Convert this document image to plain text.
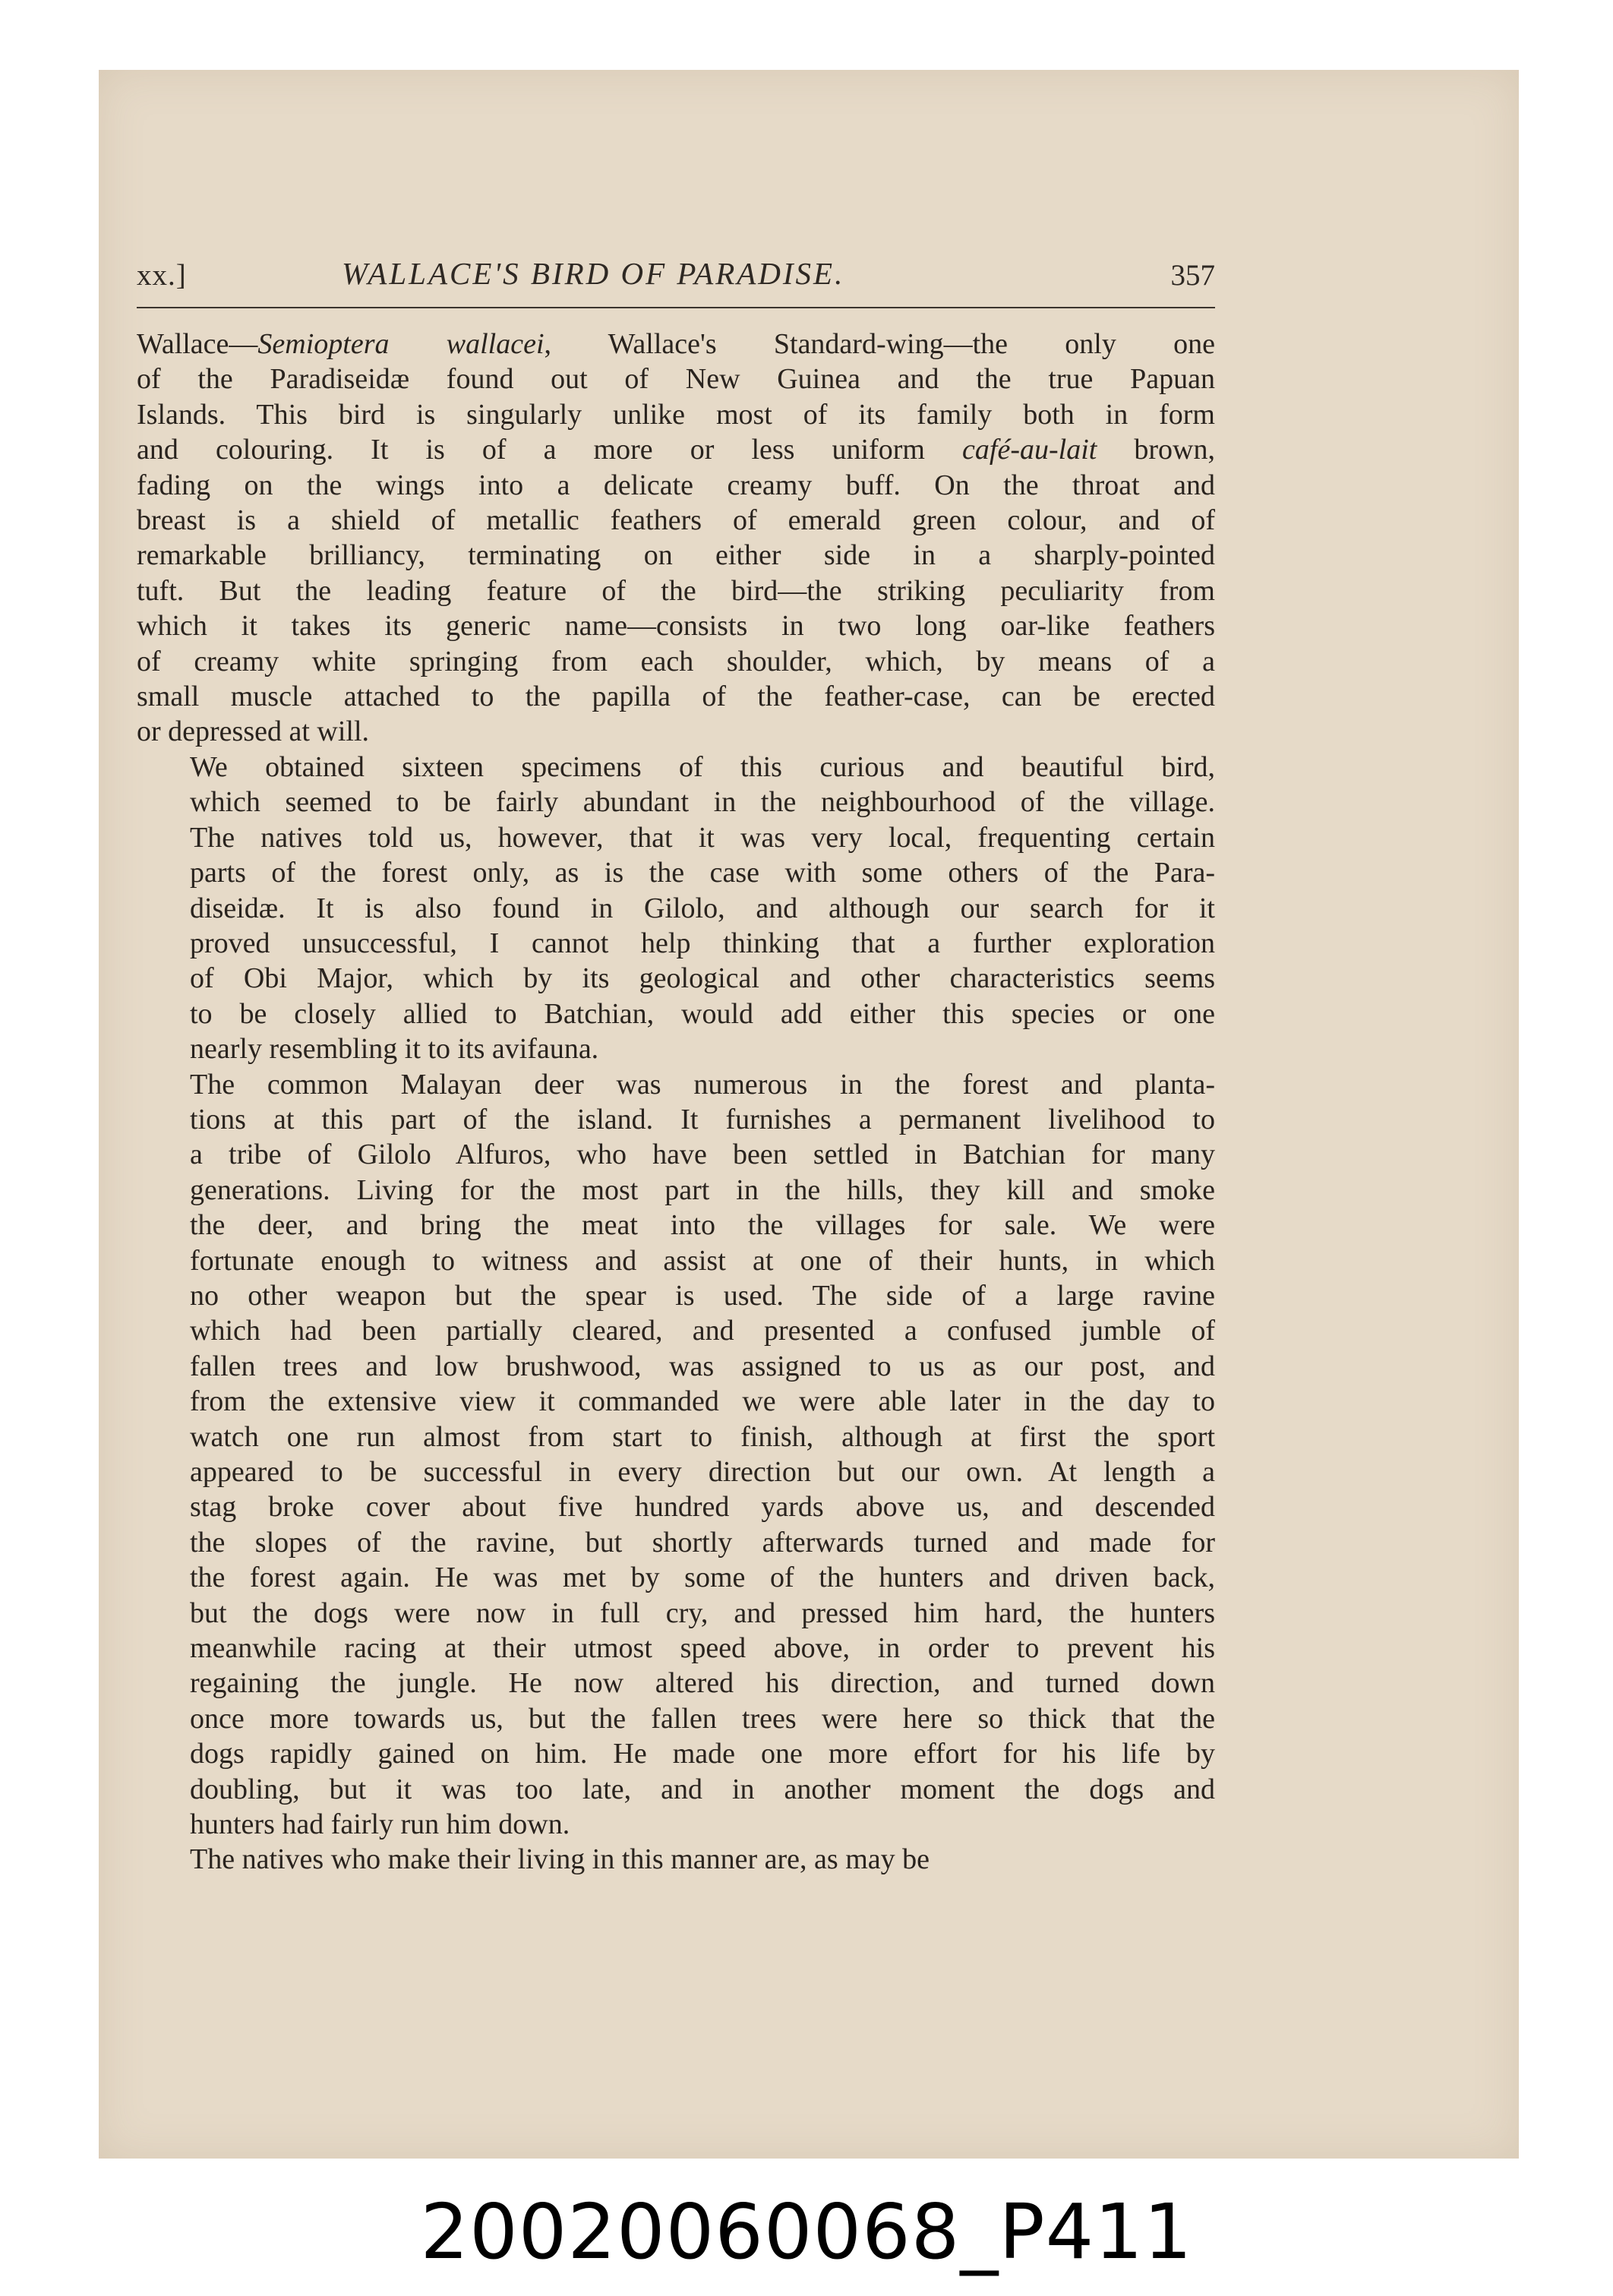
xx.]	WALLACE'S BIRD OF PARADISE.	357

Wallace—Semioptera wallacei, Wallace's Standard-wing—the only one
of the Paradiseidæ found out of New Guinea and the true Papuan
Islands. This bird is singularly unlike most of its family both in form
and colouring. It is of a more or less uniform café-au-lait brown,
fading on the wings into a delicate creamy buff. On the throat and
breast is a shield of metallic feathers of emerald green colour, and of
remarkable brilliancy, terminating on either side in a sharply-pointed
tuft. But the leading feature of the bird—the striking peculiarity from
which it takes its generic name—consists in two long oar-like feathers
of creamy white springing from each shoulder, which, by means of a
small muscle attached to the papilla of the feather-case, can be erected
or depressed at will.

We obtained sixteen specimens of this curious and beautiful bird,
which seemed to be fairly abundant in the neighbourhood of the village.
The natives told us, however, that it was very local, frequenting certain
parts of the forest only, as is the case with some others of the Para-
diseidæ. It is also found in Gilolo, and although our search for it
proved unsuccessful, I cannot help thinking that a further exploration
of Obi Major, which by its geological and other characteristics seems
to be closely allied to Batchian, would add either this species or one
nearly resembling it to its avifauna.

The common Malayan deer was numerous in the forest and planta-
tions at this part of the island. It furnishes a permanent livelihood to
a tribe of Gilolo Alfuros, who have been settled in Batchian for many
generations. Living for the most part in the hills, they kill and smoke
the deer, and bring the meat into the villages for sale. We were
fortunate enough to witness and assist at one of their hunts, in which
no other weapon but the spear is used. The side of a large ravine
which had been partially cleared, and presented a confused jumble of
fallen trees and low brushwood, was assigned to us as our post, and
from the extensive view it commanded we were able later in the day to
watch one run almost from start to finish, although at first the sport
appeared to be successful in every direction but our own. At length a
stag broke cover about five hundred yards above us, and descended
the slopes of the ravine, but shortly afterwards turned and made for
the forest again. He was met by some of the hunters and driven back,
but the dogs were now in full cry, and pressed him hard, the hunters
meanwhile racing at their utmost speed above, in order to prevent his
regaining the jungle. He now altered his direction, and turned down
once more towards us, but the fallen trees were here so thick that the
dogs rapidly gained on him. He made one more effort for his life by
doubling, but it was too late, and in another moment the dogs and
hunters had fairly run him down.

The natives who make their living in this manner are, as may be

20020060068_P411
